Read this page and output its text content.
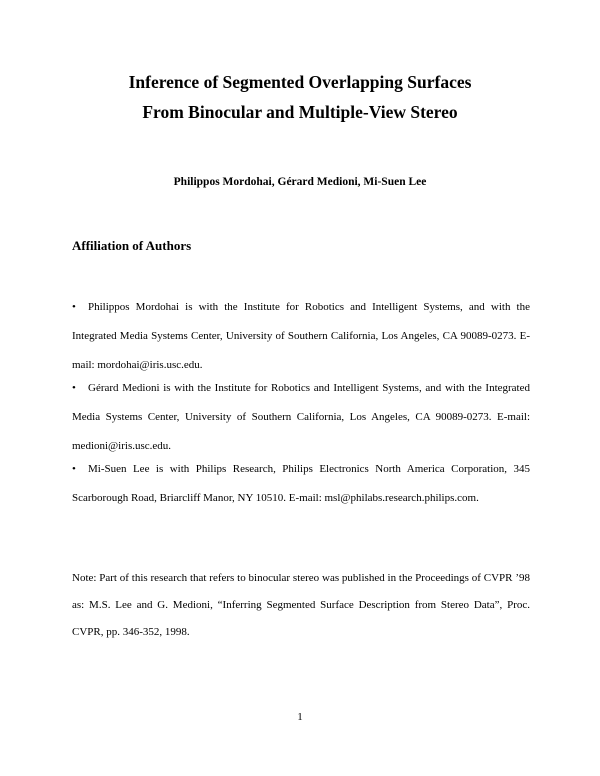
Inference of Segmented Overlapping Surfaces
From Binocular and Multiple-View Stereo
Philippos Mordohai, Gérard Medioni, Mi-Suen Lee
Affiliation of Authors
• Philippos Mordohai is with the Institute for Robotics and Intelligent Systems, and with the Integrated Media Systems Center, University of Southern California, Los Angeles, CA 90089-0273. E-mail: mordohai@iris.usc.edu.
• Gérard Medioni is with the Institute for Robotics and Intelligent Systems, and with the Integrated Media Systems Center, University of Southern California, Los Angeles, CA 90089-0273. E-mail: medioni@iris.usc.edu.
• Mi-Suen Lee is with Philips Research, Philips Electronics North America Corporation, 345 Scarborough Road, Briarcliff Manor, NY 10510. E-mail: msl@philabs.research.philips.com.
Note: Part of this research that refers to binocular stereo was published in the Proceedings of CVPR ’98 as: M.S. Lee and G. Medioni, “Inferring Segmented Surface Description from Stereo Data”, Proc. CVPR, pp. 346-352, 1998.
1
